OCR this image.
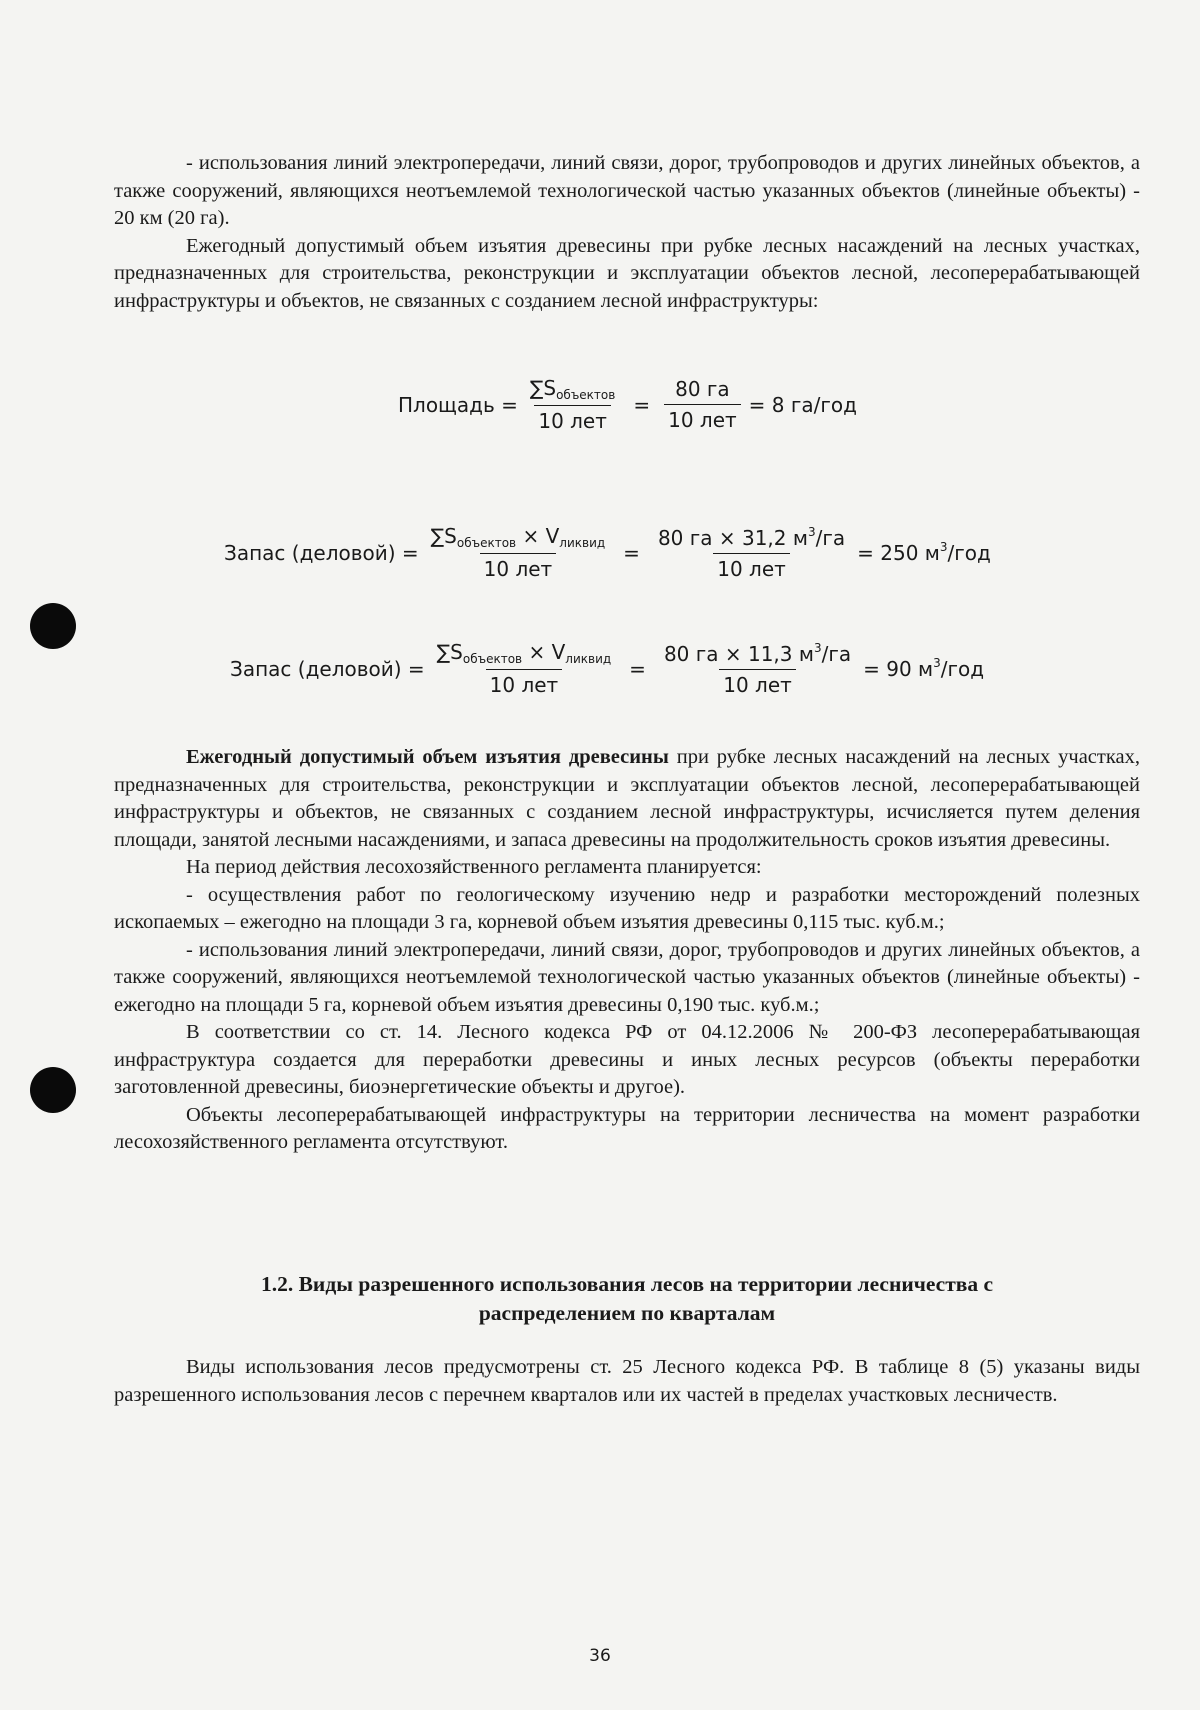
- использования линий электропередачи, линий связи, дорог, трубопроводов и других линейных объектов, а также сооружений, являющихся неотъемлемой технологической частью указанных объектов (линейные объекты) - 20 км (20 га).

Ежегодный допустимый объем изъятия древесины при рубке лесных насаждений на лесных участках, предназначенных для строительства, реконструкции и эксплуатации объектов лесной, лесоперерабатывающей инфраструктуры и объектов, не связанных с созданием лесной инфраструктуры:

Площадь = $\frac{\sum S_{объектов}}{\text{10 лет}} = \frac{80 га}{\text{10 лет}} = 8$ га/год
Запас (деловой) = $\frac{\sum S_{объектов} \times V_{ликвид}}{\text{10 лет}} = \frac{80 га \times 31,2 м^3/га}{\text{10 лет}} = 250$ $м^3$/год
Запас (деловой) = $\frac{\sum S_{объектов} \times V_{ликвид}}{\text{10 лет}} = \frac{80 га \times 11,3 м^3/га}{\text{10 лет}} = 90$ $м^3$/год

Ежегодный допустимый объем изъятия древесины при рубке лесных насаждений на лесных участках, предназначенных для строительства, реконструкции и эксплуатации объектов лесной, лесоперерабатывающей инфраструктуры и объектов, не связанных с созданием лесной инфраструктуры, исчисляется путем деления площади, занятой лесными насаждениями, и запаса древесины на продолжительность сроков изъятия древесины.

На период действия лесохозяйственного регламента планируется:

- осуществления работ по геологическому изучению недр и разработки месторождений полезных ископаемых – ежегодно на площади 3 га, корневой объем изъятия древесины 0,115 тыс. куб.м.;

- использования линий электропередачи, линий связи, дорог, трубопроводов и других линейных объектов, а также сооружений, являющихся неотъемлемой технологической частью указанных объектов (линейные объекты) - ежегодно на площади 5 га, корневой объем изъятия древесины 0,190 тыс. куб.м.;

В соответствии со ст. 14. Лесного кодекса РФ от 04.12.2006 № 200-ФЗ лесоперерабатывающая инфраструктура создается для переработки древесины и иных лесных ресурсов (объекты переработки заготовленной древесины, биоэнергетические объекты и другое).

Объекты лесоперерабатывающей инфраструктуры на территории лесничества на момент разработки лесохозяйственного регламента отсутствуют.

1.2. Виды разрешенного использования лесов на территории лесничества с
распределением по кварталам

Виды использования лесов предусмотрены ст. 25 Лесного кодекса РФ. В таблице 8 (5) указаны виды разрешенного использования лесов с перечнем кварталов или их частей в пределах участковых лесничеств.

36
